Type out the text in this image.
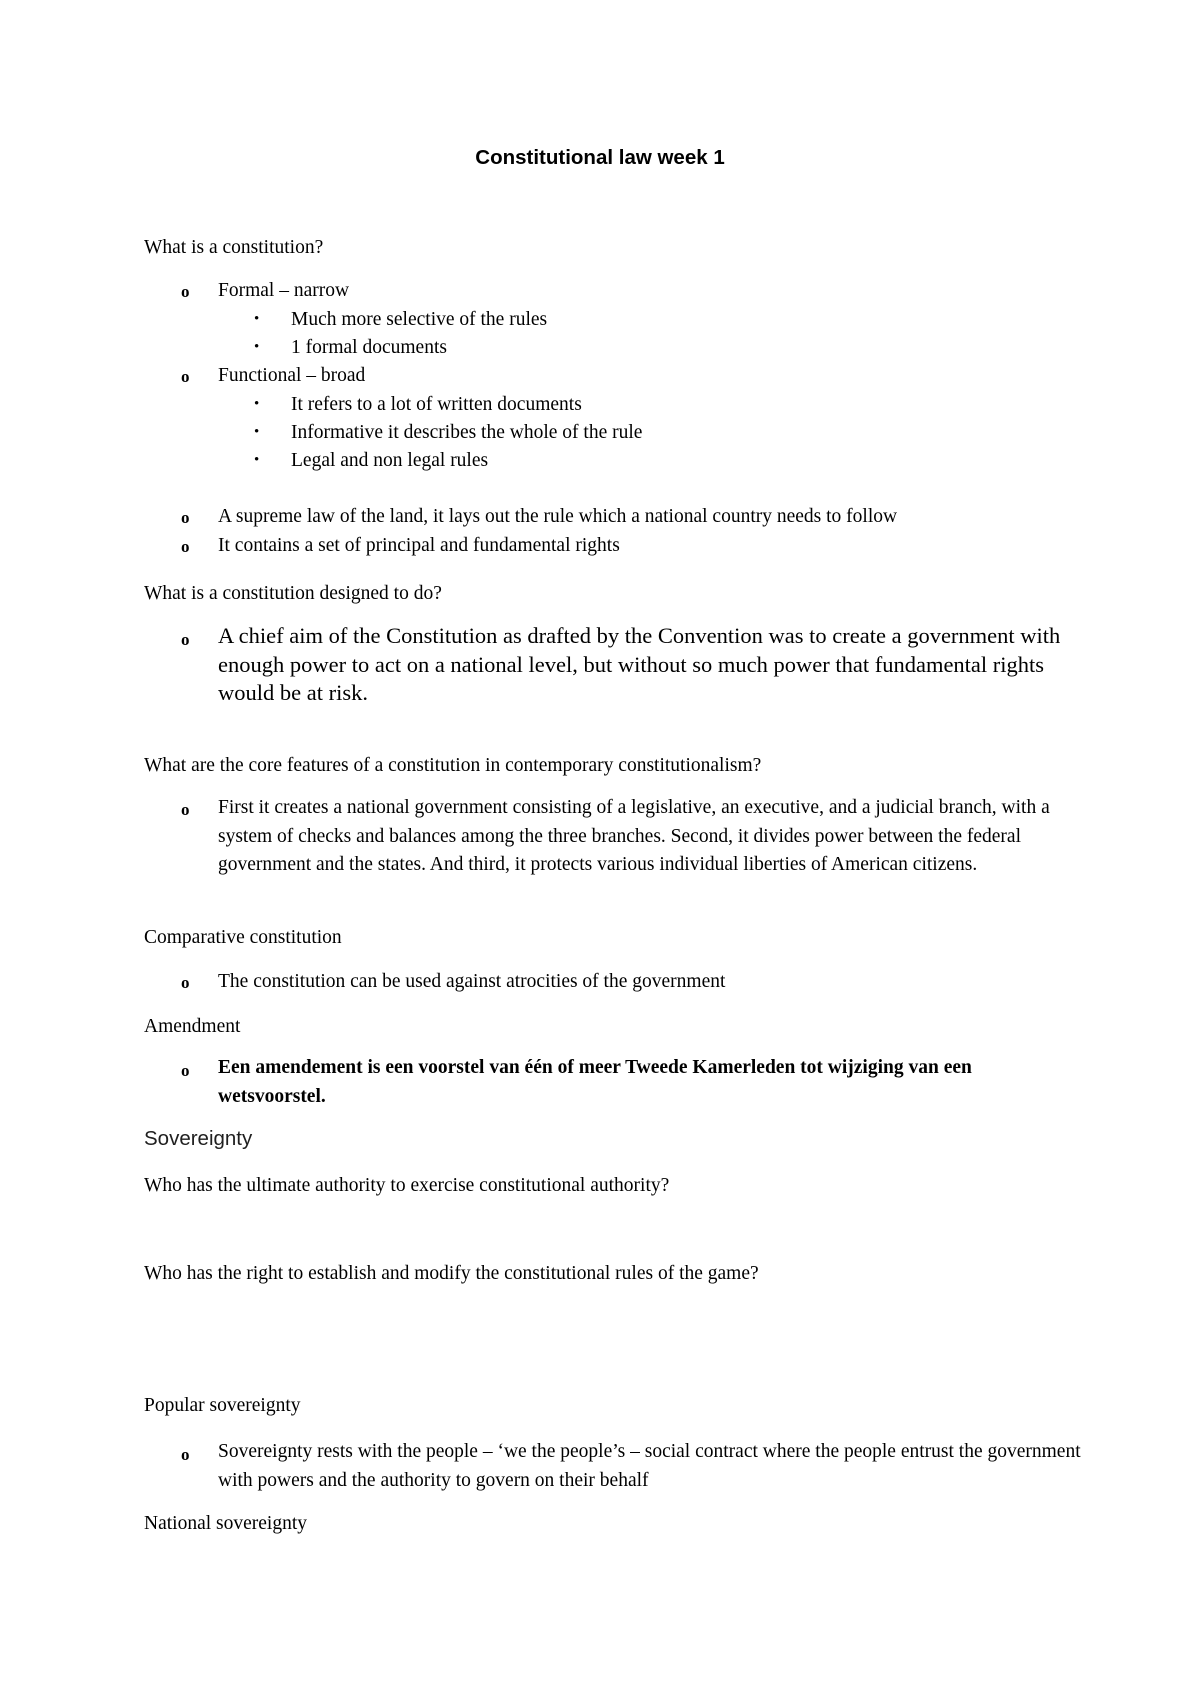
Constitutional law week 1
What is a constitution?
o Formal – narrow
• Much more selective of the rules
• 1 formal documents
o Functional – broad
• It refers to a lot of written documents
• Informative it describes the whole of the rule
• Legal and non legal rules
o A supreme law of the land, it lays out the rule which a national country needs to follow
o It contains a set of principal and fundamental rights
What is a constitution designed to do?
o A chief aim of the Constitution as drafted by the Convention was to create a government with enough power to act on a national level, but without so much power that fundamental rights would be at risk.
What are the core features of a constitution in contemporary constitutionalism?
o First it creates a national government consisting of a legislative, an executive, and a judicial branch, with a system of checks and balances among the three branches. Second, it divides power between the federal government and the states. And third, it protects various individual liberties of American citizens.
Comparative constitution
o The constitution can be used against atrocities of the government
Amendment
o Een amendement is een voorstel van één of meer Tweede Kamerleden tot wijziging van een wetsvoorstel.
Sovereignty
Who has the ultimate authority to exercise constitutional authority?
Who has the right to establish and modify the constitutional rules of the game?
Popular sovereignty
o Sovereignty rests with the people – ‘we the people’s – social contract where the people entrust the government with powers and the authority to govern on their behalf
National sovereignty
